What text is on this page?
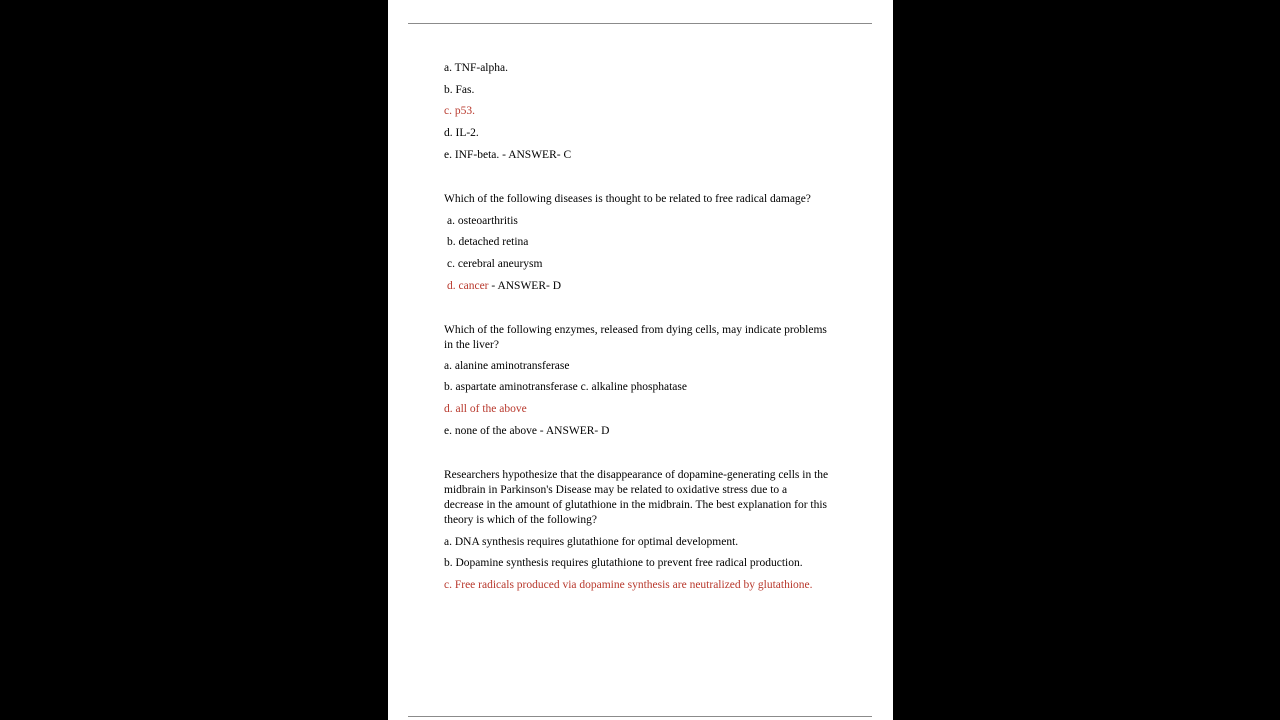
a. TNF-alpha.
b. Fas.
c. p53.
d. IL-2.
e. INF-beta. - ANSWER- C
Which of the following diseases is thought to be related to free radical damage?
a. osteoarthritis
b. detached retina
c. cerebral aneurysm
d. cancer - ANSWER- D
Which of the following enzymes, released from dying cells, may indicate problems
in the liver?
a. alanine aminotransferase
b. aspartate aminotransferase c. alkaline phosphatase
d. all of the above
e. none of the above - ANSWER- D
Researchers hypothesize that the disappearance of dopamine-generating cells in the
midbrain in Parkinson's Disease may be related to oxidative stress due to a
decrease in the amount of glutathione in the midbrain. The best explanation for this
theory is which of the following?
a. DNA synthesis requires glutathione for optimal development.
b. Dopamine synthesis requires glutathione to prevent free radical production.
c. Free radicals produced via dopamine synthesis are neutralized by glutathione.
